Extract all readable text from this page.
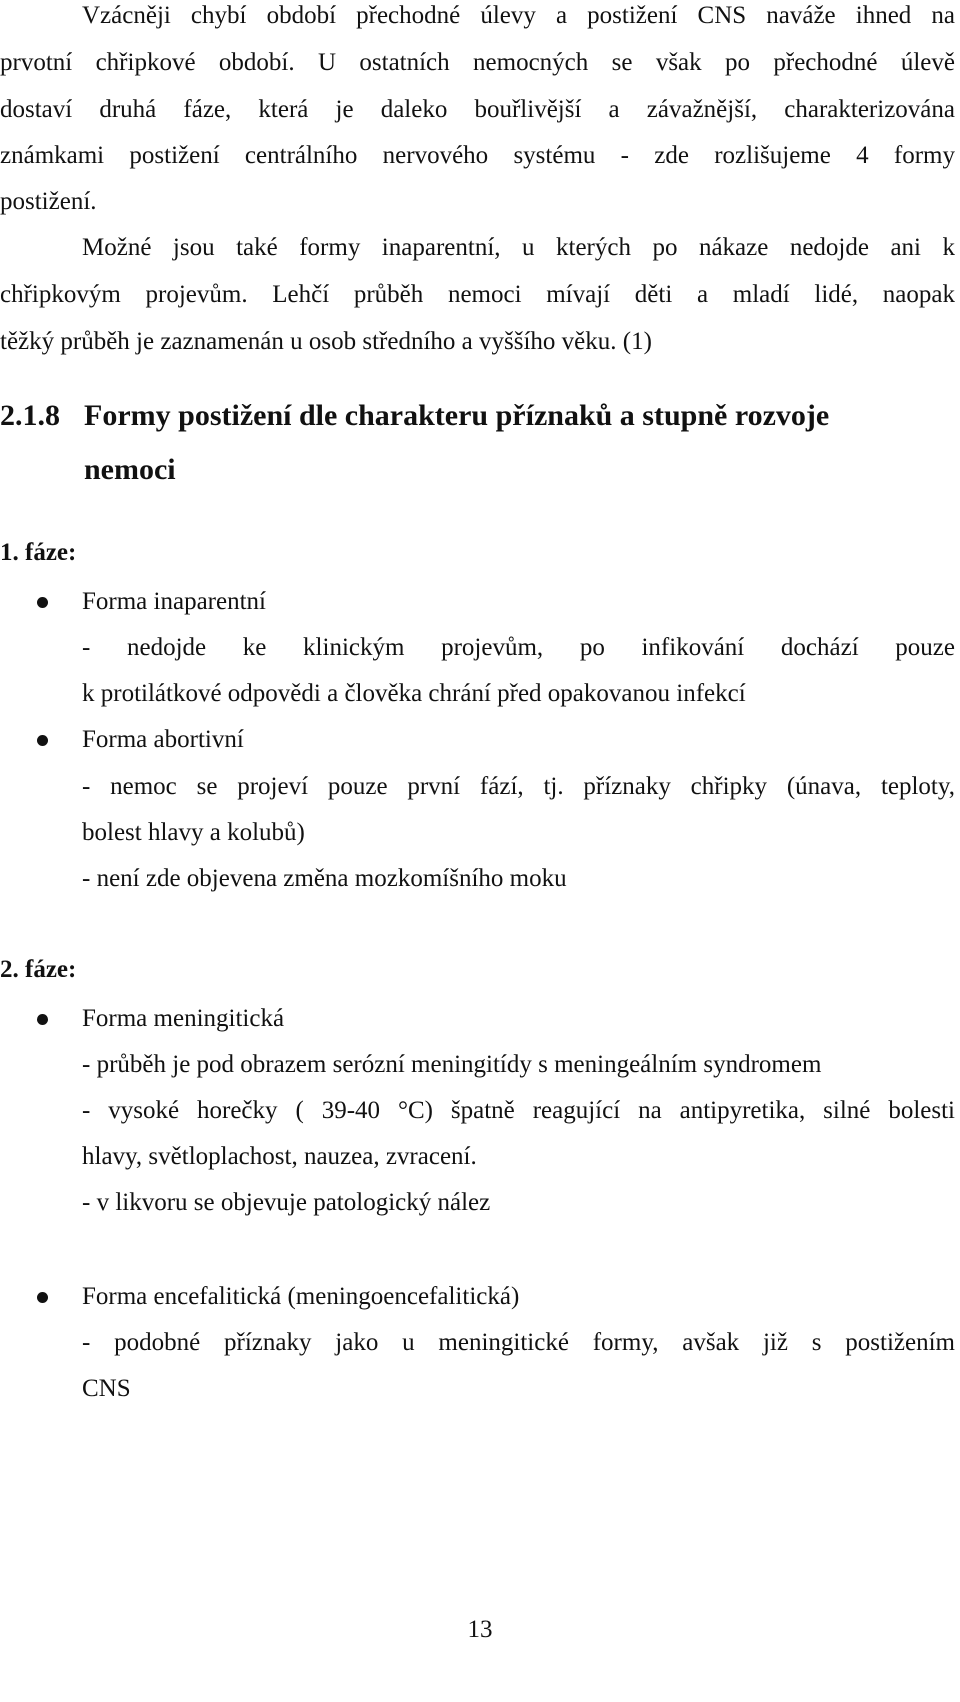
Vzácněji chybí období přechodné úlevy a postižení CNS naváže ihned na

prvotní chřipkové období. U ostatních nemocných se však po přechodné úlevě

dostaví druhá fáze, která je daleko bouřlivější a závažnější, charakterizována

známkami postižení centrálního nervového systému - zde rozlišujeme 4 formy

postižení.

Možné jsou také formy inaparentní, u kterých po nákaze nedojde ani k

chřipkovým projevům. Lehčí průběh nemoci mívají děti a mladí lidé, naopak

těžký průběh je zaznamenán u osob středního a vyššího věku. (1)

2.1.8 Formy postižení dle charakteru příznaků a stupně rozvoje
nemoci

1. fáze:

Forma inaparentní

- nedojde ke klinickým projevům, po infikování dochází pouze

k protilátkové odpovědi a člověka chrání před opakovanou infekcí

Forma abortivní

- nemoc se projeví pouze první fází, tj. příznaky chřipky (únava, teploty,

bolest hlavy a kolubů)

- není zde objevena změna mozkomíšního moku

2. fáze:

Forma meningitická

- průběh je pod obrazem serózní meningitídy s meningeálním syndromem

- vysoké horečky ( 39-40 °C) špatně reagující na antipyretika, silné bolesti

hlavy, světloplachost, nauzea, zvracení.

- v likvoru se objevuje patologický nález

Forma encefalitická (meningoencefalitická)

- podobné příznaky jako u meningitické formy, avšak již s postižením

CNS

13
